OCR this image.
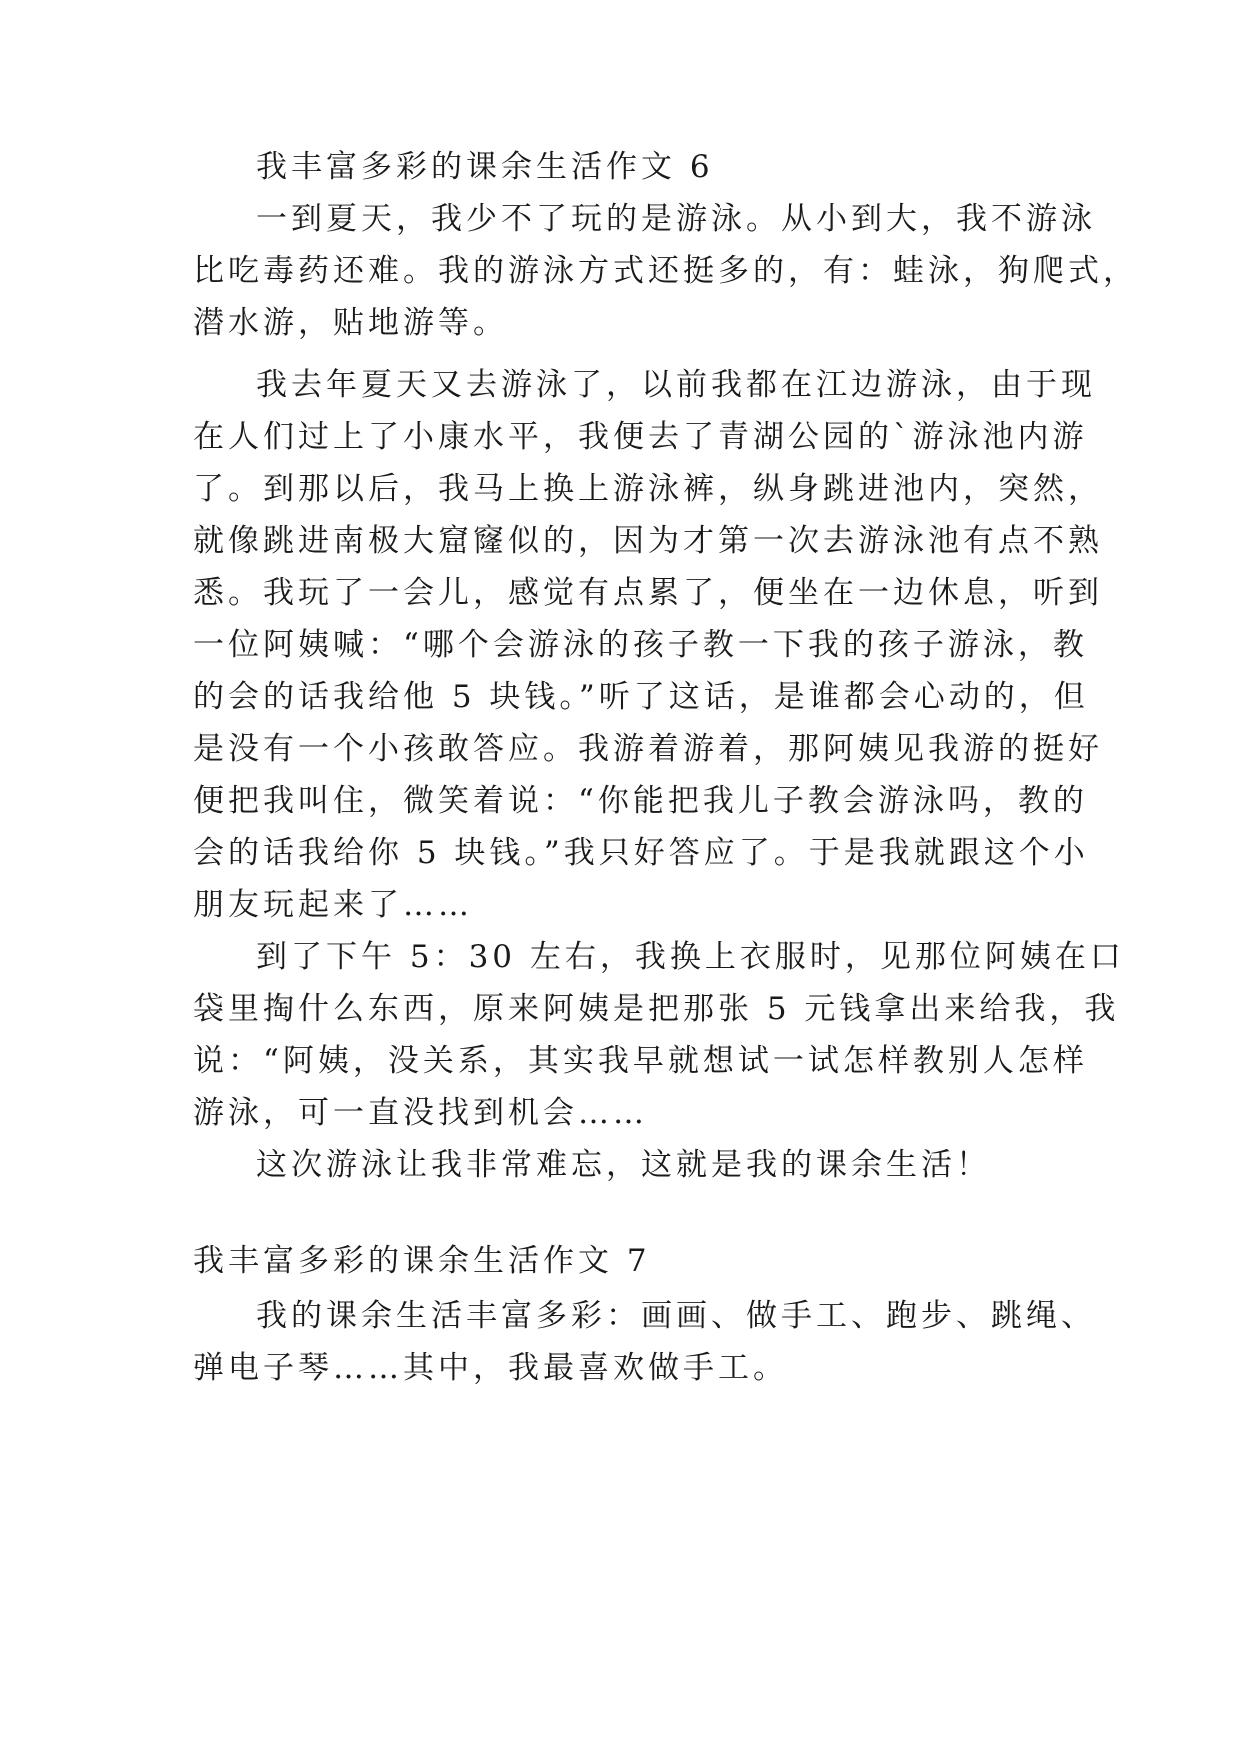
我丰富多彩的课余生活作文 6
一到夏天，我少不了玩的是游泳。从小到大，我不游泳
比吃毒药还难。我的游泳方式还挺多的，有：蛙泳，狗爬式，
潜水游，贴地游等。
我去年夏天又去游泳了，以前我都在江边游泳，由于现
在人们过上了小康水平，我便去了青湖公园的`游泳池内游
了。到那以后，我马上换上游泳裤，纵身跳进池内，突然，
就像跳进南极大窟窿似的，因为才第一次去游泳池有点不熟
悉。我玩了一会儿，感觉有点累了，便坐在一边休息，听到
一位阿姨喊：“哪个会游泳的孩子教一下我的孩子游泳，教
的会的话我给他 5 块钱。”听了这话，是谁都会心动的，但
是没有一个小孩敢答应。我游着游着，那阿姨见我游的挺好
便把我叫住，微笑着说：“你能把我儿子教会游泳吗，教的
会的话我给你 5 块钱。”我只好答应了。于是我就跟这个小
朋友玩起来了……
到了下午 5：30 左右，我换上衣服时，见那位阿姨在口
袋里掏什么东西，原来阿姨是把那张 5 元钱拿出来给我，我
说：“阿姨，没关系，其实我早就想试一试怎样教别人怎样
游泳，可一直没找到机会……
这次游泳让我非常难忘，这就是我的课余生活！
我丰富多彩的课余生活作文 7
我的课余生活丰富多彩：画画、做手工、跑步、跳绳、
弹电子琴……其中，我最喜欢做手工。
